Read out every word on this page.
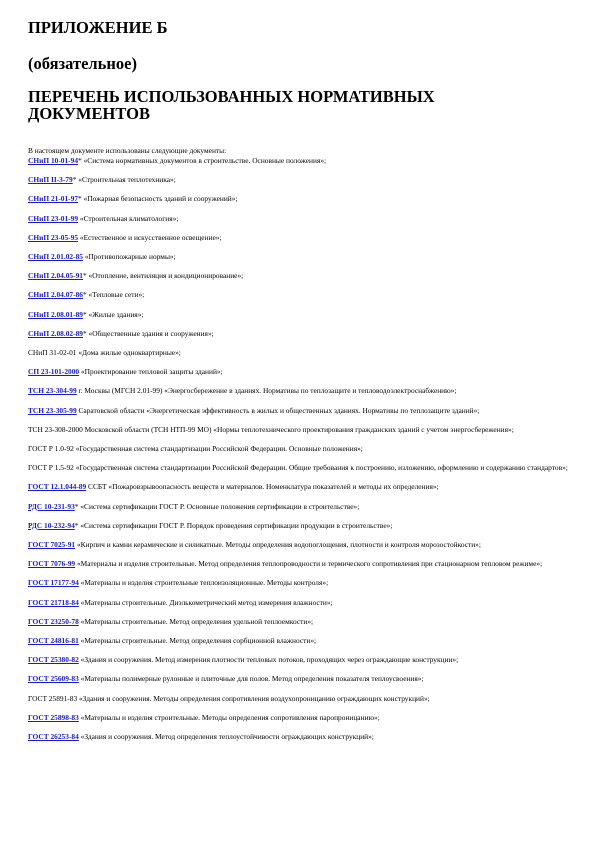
ПРИЛОЖЕНИЕ Б
(обязательное)
ПЕРЕЧЕНЬ ИСПОЛЬЗОВАННЫХ НОРМАТИВНЫХ ДОКУМЕНТОВ

В настоящем документе использованы следующие документы:

СНиП 10-01-94* «Система нормативных документов в строительстве. Основные положения»;
СНиП II-3-79* «Строительная теплотехника»;
СНиП 21-01-97* «Пожарная безопасность зданий и сооружений»;
СНиП 23-01-99 «Строительная климатология»;
СНиП 23-05-95 «Естественное и искусственное освещение»;
СНиП 2.01.02-85 «Противопожарные нормы»;
СНиП 2.04.05-91* «Отопление, вентиляция и кондиционирование»;
СНиП 2.04.07-86* «Тепловые сети»;
СНиП 2.08.01-89* «Жилые здания»;
СНиП 2.08.02-89* «Общественные здания и сооружения»;
СНиП 31-02-01 «Дома жилые одноквартирные»;
СП 23-101-2000 «Проектирование тепловой защиты зданий»;
ТСН 23-304-99 г. Москвы (МГСН 2.01-99) «Энергосбережение в зданиях. Нормативы по теплозащите и тепловодоэлектроснабжению»;
ТСН 23-305-99 Саратовской области «Энергетическая эффективность в жилых и общественных зданиях. Нормативы по теплозащите зданий»;
ТСН 23-308-2000 Московской области (ТСН НТП-99 МО) «Нормы теплотехнического проектирования гражданских зданий с учетом энергосбережения»;
ГОСТ Р 1.0-92 «Государственная система стандартизации Российской Федерации. Основные положения»;
ГОСТ Р 1.5-92 «Государственная система стандартизации Российской Федерации. Общие требования к построению, изложению, оформлению и содержанию стандартов»;
ГОСТ 12.1.044-89 ССБТ «Пожаровзрывоопасность веществ и материалов. Номенклатура показателей и методы их определения»;
РДС 10-231-93* «Система сертификации ГОСТ Р. Основные положения сертификации в строительстве»;
РДС 10-232-94* «Система сертификации ГОСТ Р. Порядок проведения сертификации продукции в строительстве»;
ГОСТ 7025-91 «Кирпич и камни керамические и силикатные. Методы определения водопоглощения, плотности и контроля морозостойкости»;
ГОСТ 7076-99 «Материалы и изделия строительные. Метод определения теплопроводности и термического сопротивления при стационарном тепловом режиме»;
ГОСТ 17177-94 «Материалы и изделия строительные теплоизоляционные. Методы контроля»;
ГОСТ 21718-84 «Материалы строительные. Диэлькометрический метод измерения влажности»;
ГОСТ 23250-78 «Материалы строительные. Метод определения удельной теплоемкости»;
ГОСТ 24816-81 «Материалы строительные. Метод определения сорбционной влажности»;
ГОСТ 25380-82 «Здания и сооружения. Метод измерения плотности тепловых потоков, проходящих через ограждающие конструкции»;
ГОСТ 25609-83 «Материалы полимерные рулонные и плиточные для полов. Метод определения показателя теплоусвоения»;
ГОСТ 25891-83 «Здания и сооружения. Методы определения сопротивления воздухопроницанию ограждающих конструкций»;
ГОСТ 25898-83 «Материалы и изделия строительные. Методы определения сопротивления паропроницанию»;
ГОСТ 26253-84 «Здания и сооружения. Метод определения теплоустойчивости ограждающих конструкций»;
